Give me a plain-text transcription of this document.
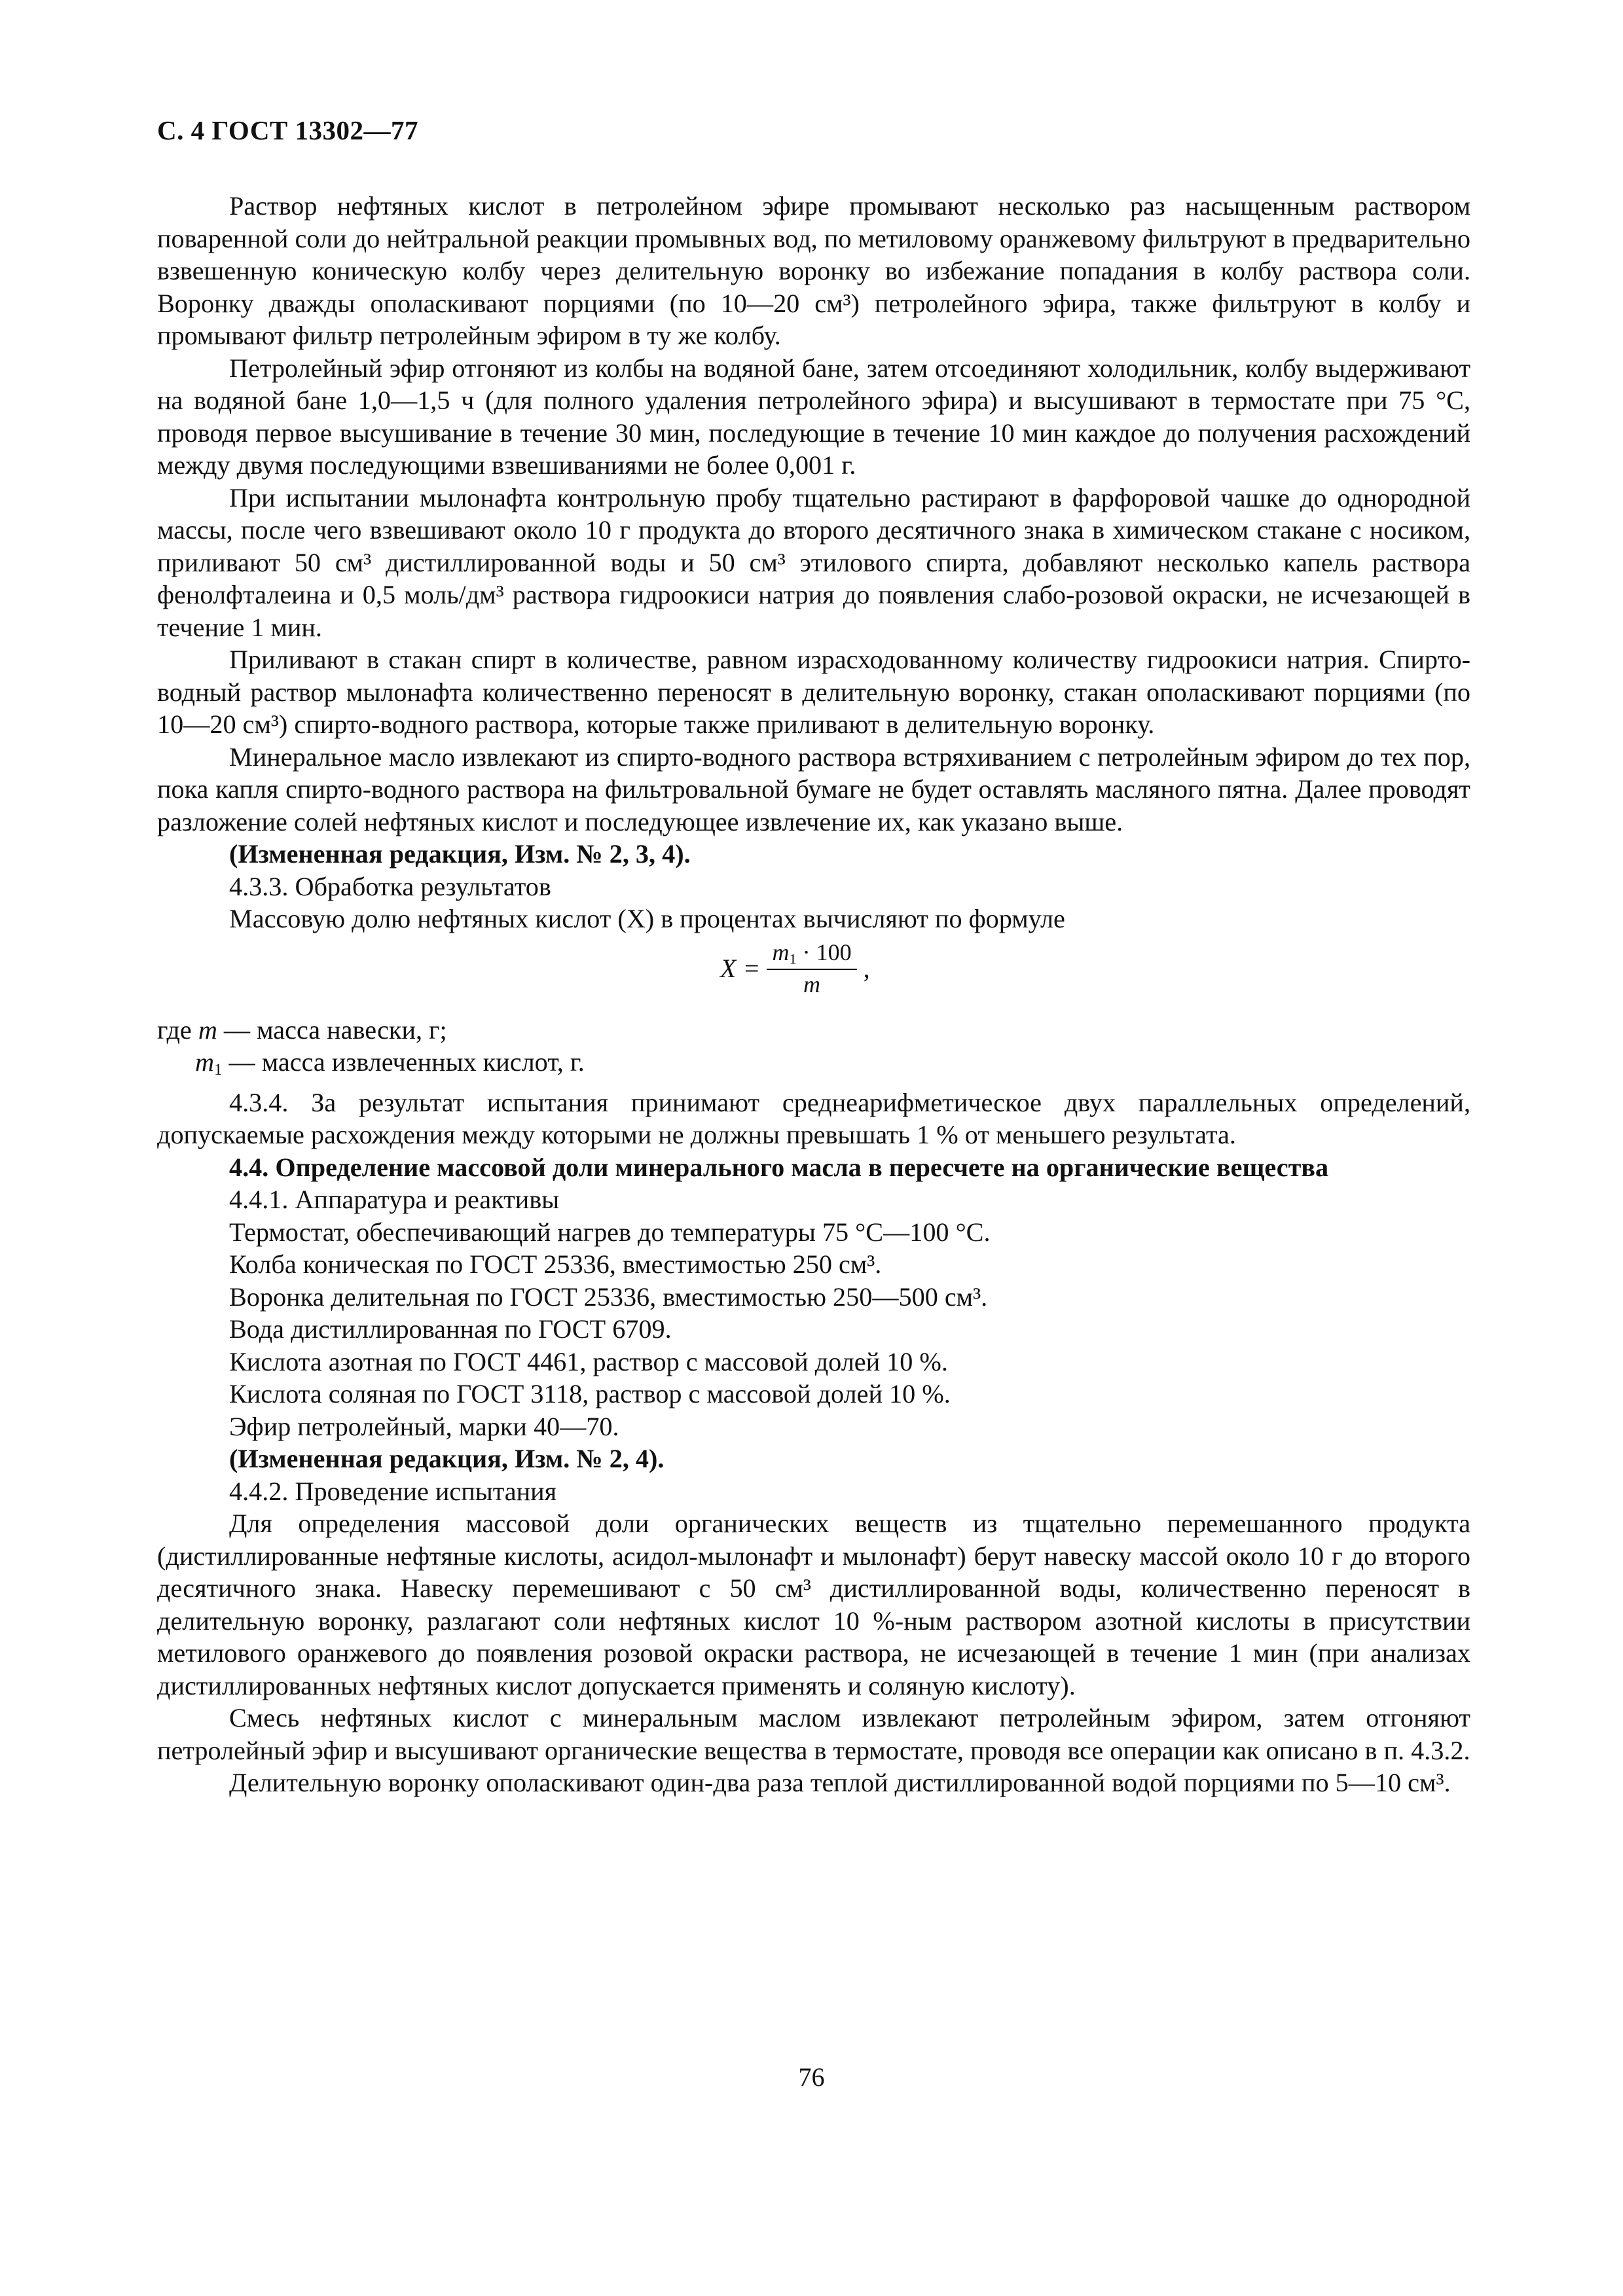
С. 4 ГОСТ 13302—77

Раствор нефтяных кислот в петролейном эфире промывают несколько раз насыщенным раствором поваренной соли до нейтральной реакции промывных вод, по метиловому оранжевому фильтруют в предварительно взвешенную коническую колбу через делительную воронку во избежание попадания в колбу раствора соли. Воронку дважды ополаскивают порциями (по 10—20 см³) петролейного эфира, также фильтруют в колбу и промывают фильтр петролейным эфиром в ту же колбу.

Петролейный эфир отгоняют из колбы на водяной бане, затем отсоединяют холодильник, колбу выдерживают на водяной бане 1,0—1,5 ч (для полного удаления петролейного эфира) и высушивают в термостате при 75 °С, проводя первое высушивание в течение 30 мин, последующие в течение 10 мин каждое до получения расхождений между двумя последующими взвешиваниями не более 0,001 г.

При испытании мылонафта контрольную пробу тщательно растирают в фарфоровой чашке до однородной массы, после чего взвешивают около 10 г продукта до второго десятичного знака в химическом стакане с носиком, приливают 50 см³ дистиллированной воды и 50 см³ этилового спирта, добавляют несколько капель раствора фенолфталеина и 0,5 моль/дм³ раствора гидроокиси натрия до появления слабо-розовой окраски, не исчезающей в течение 1 мин.

Приливают в стакан спирт в количестве, равном израсходованному количеству гидроокиси натрия. Спирто-водный раствор мылонафта количественно переносят в делительную воронку, стакан ополаскивают порциями (по 10—20 см³) спирто-водного раствора, которые также приливают в делительную воронку.

Минеральное масло извлекают из спирто-водного раствора встряхиванием с петролейным эфиром до тех пор, пока капля спирто-водного раствора на фильтровальной бумаге не будет оставлять масляного пятна. Далее проводят разложение солей нефтяных кислот и последующее извлечение их, как указано выше.

(Измененная редакция, Изм. № 2, 3, 4).

4.3.3. Обработка результатов

Массовую долю нефтяных кислот (X) в процентах вычисляют по формуле

$X = \frac{m_1 \cdot 100}{m}$ ,

где m — масса навески, г;

$m_1$ — масса извлеченных кислот, г.

4.3.4. За результат испытания принимают среднеарифметическое двух параллельных определений, допускаемые расхождения между которыми не должны превышать 1 % от меньшего результата.

4.4. Определение массовой доли минерального масла в пересчете на органические вещества

4.4.1. Аппаратура и реактивы

Термостат, обеспечивающий нагрев до температуры 75 °С—100 °С.

Колба коническая по ГОСТ 25336, вместимостью 250 см³.

Воронка делительная по ГОСТ 25336, вместимостью 250—500 см³.

Вода дистиллированная по ГОСТ 6709.

Кислота азотная по ГОСТ 4461, раствор с массовой долей 10 %.

Кислота соляная по ГОСТ 3118, раствор с массовой долей 10 %.

Эфир петролейный, марки 40—70.

(Измененная редакция, Изм. № 2, 4).

4.4.2. Проведение испытания

Для определения массовой доли органических веществ из тщательно перемешанного продукта (дистиллированные нефтяные кислоты, асидол-мылонафт и мылонафт) берут навеску массой около 10 г до второго десятичного знака. Навеску перемешивают с 50 см³ дистиллированной воды, количественно переносят в делительную воронку, разлагают соли нефтяных кислот 10 %-ным раствором азотной кислоты в присутствии метилового оранжевого до появления розовой окраски раствора, не исчезающей в течение 1 мин (при анализах дистиллированных нефтяных кислот допускается применять и соляную кислоту).

Смесь нефтяных кислот с минеральным маслом извлекают петролейным эфиром, затем отгоняют петролейный эфир и высушивают органические вещества в термостате, проводя все операции как описано в п. 4.3.2.

Делительную воронку ополаскивают один-два раза теплой дистиллированной водой порциями по 5—10 см³.

76
